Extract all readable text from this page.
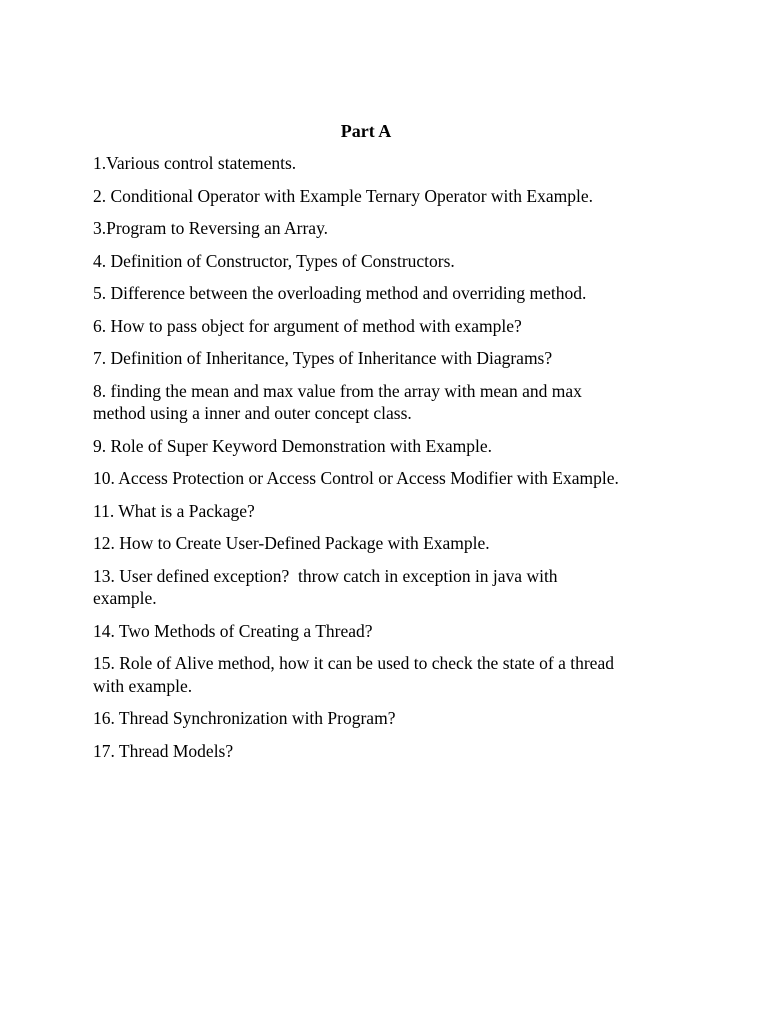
Part A
1.Various control statements.
2. Conditional Operator with Example Ternary Operator with Example.
3.Program to Reversing an Array.
4. Definition of Constructor, Types of Constructors.
5. Difference between the overloading method and overriding method.
6. How to pass object for argument of method with example?
7. Definition of Inheritance, Types of Inheritance with Diagrams?
8. finding the mean and max value from the array with mean and max
method using a inner and outer concept class.
9. Role of Super Keyword Demonstration with Example.
10. Access Protection or Access Control or Access Modifier with Example.
11. What is a Package?
12. How to Create User-Defined Package with Example.
13. User defined exception?  throw catch in exception in java with
example.
14. Two Methods of Creating a Thread?
15. Role of Alive method, how it can be used to check the state of a thread
with example.
16. Thread Synchronization with Program?
17. Thread Models?
